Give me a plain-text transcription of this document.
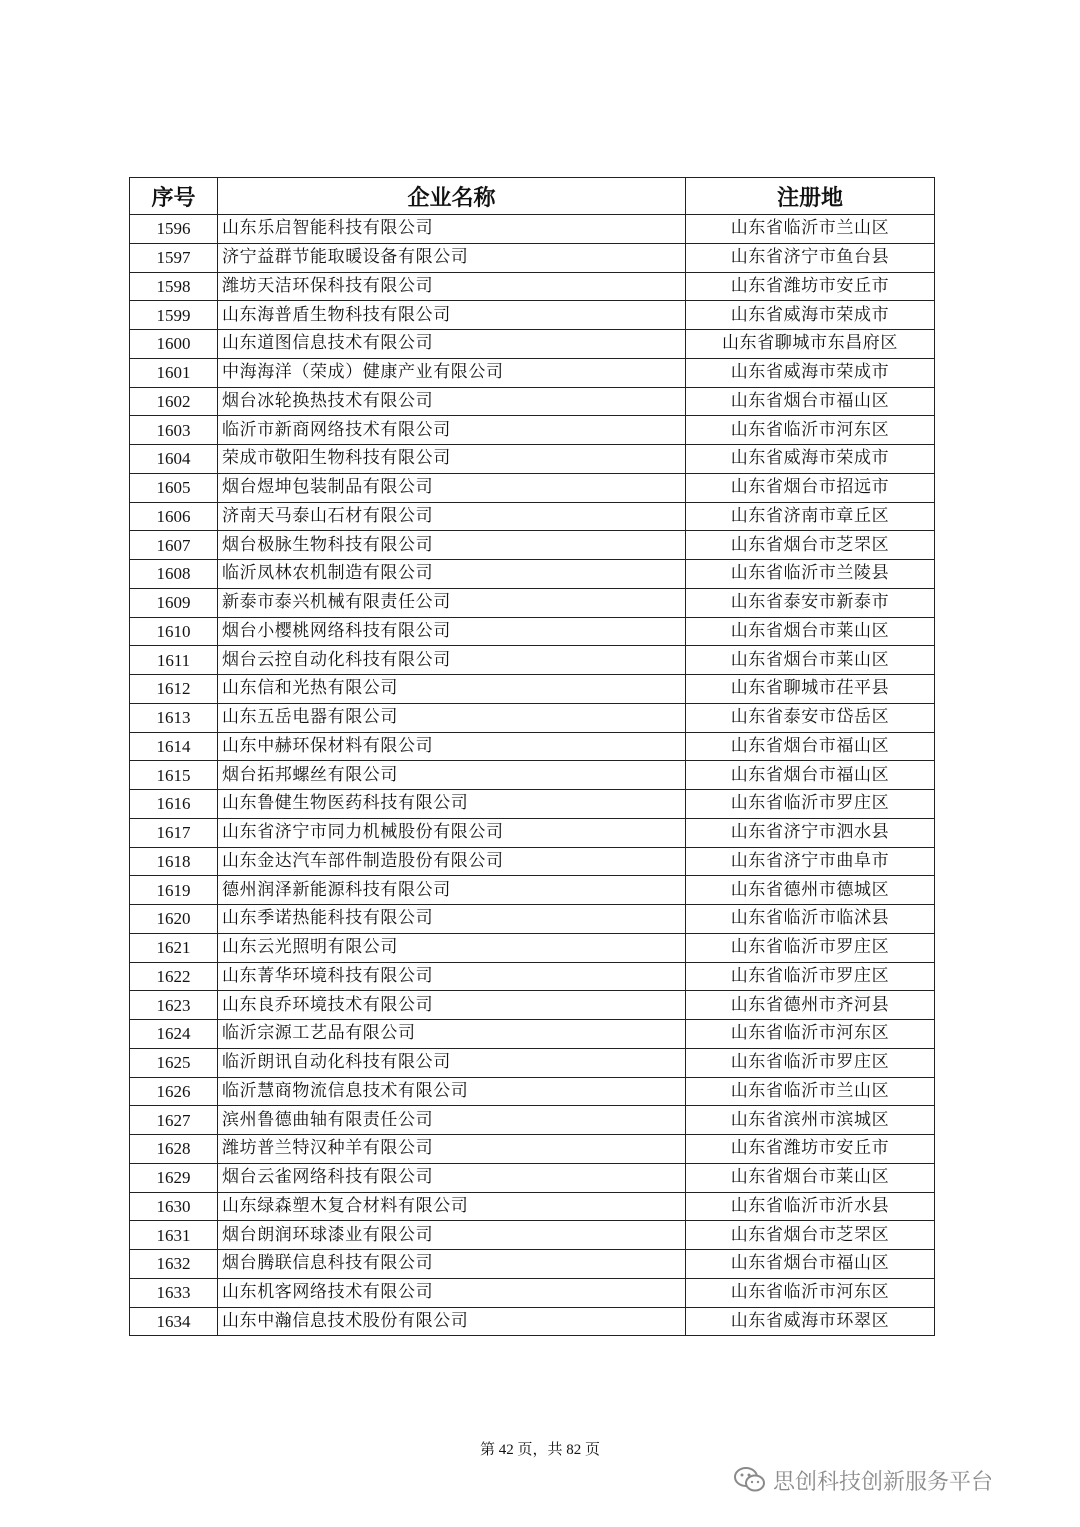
序号	企业名称	注册地
1596	山东乐启智能科技有限公司	山东省临沂市兰山区
1597	济宁益群节能取暖设备有限公司	山东省济宁市鱼台县
1598	潍坊天洁环保科技有限公司	山东省潍坊市安丘市
1599	山东海普盾生物科技有限公司	山东省威海市荣成市
1600	山东道图信息技术有限公司	山东省聊城市东昌府区
1601	中海海洋（荣成）健康产业有限公司	山东省威海市荣成市
1602	烟台冰轮换热技术有限公司	山东省烟台市福山区
1603	临沂市新商网络技术有限公司	山东省临沂市河东区
1604	荣成市敬阳生物科技有限公司	山东省威海市荣成市
1605	烟台煜坤包装制品有限公司	山东省烟台市招远市
1606	济南天马泰山石材有限公司	山东省济南市章丘区
1607	烟台极脉生物科技有限公司	山东省烟台市芝罘区
1608	临沂凤林农机制造有限公司	山东省临沂市兰陵县
1609	新泰市泰兴机械有限责任公司	山东省泰安市新泰市
1610	烟台小樱桃网络科技有限公司	山东省烟台市莱山区
1611	烟台云控自动化科技有限公司	山东省烟台市莱山区
1612	山东信和光热有限公司	山东省聊城市茌平县
1613	山东五岳电器有限公司	山东省泰安市岱岳区
1614	山东中赫环保材料有限公司	山东省烟台市福山区
1615	烟台拓邦螺丝有限公司	山东省烟台市福山区
1616	山东鲁健生物医药科技有限公司	山东省临沂市罗庄区
1617	山东省济宁市同力机械股份有限公司	山东省济宁市泗水县
1618	山东金达汽车部件制造股份有限公司	山东省济宁市曲阜市
1619	德州润泽新能源科技有限公司	山东省德州市德城区
1620	山东季诺热能科技有限公司	山东省临沂市临沭县
1621	山东云光照明有限公司	山东省临沂市罗庄区
1622	山东菁华环境科技有限公司	山东省临沂市罗庄区
1623	山东良乔环境技术有限公司	山东省德州市齐河县
1624	临沂宗源工艺品有限公司	山东省临沂市河东区
1625	临沂朗讯自动化科技有限公司	山东省临沂市罗庄区
1626	临沂慧商物流信息技术有限公司	山东省临沂市兰山区
1627	滨州鲁德曲轴有限责任公司	山东省滨州市滨城区
1628	潍坊普兰特汉种羊有限公司	山东省潍坊市安丘市
1629	烟台云雀网络科技有限公司	山东省烟台市莱山区
1630	山东绿森塑木复合材料有限公司	山东省临沂市沂水县
1631	烟台朗润环球漆业有限公司	山东省烟台市芝罘区
1632	烟台腾联信息科技有限公司	山东省烟台市福山区
1633	山东机客网络技术有限公司	山东省临沂市河东区
1634	山东中瀚信息技术股份有限公司	山东省威海市环翠区
第 42 页，共 82 页
思创科技创新服务平台
